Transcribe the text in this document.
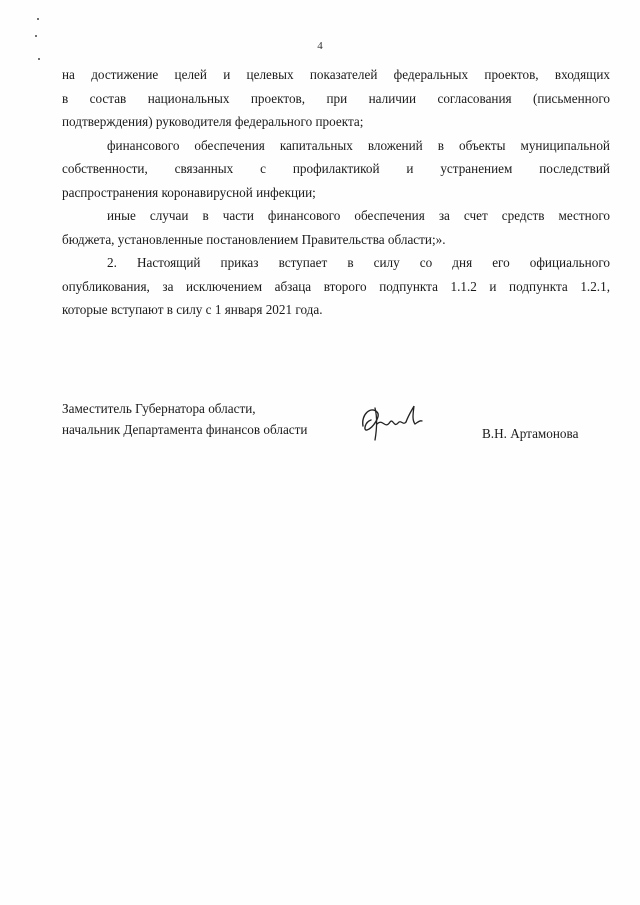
4
на достижение целей и целевых показателей федеральных проектов, входящих
в состав национальных проектов, при наличии согласования (письменного
подтверждения) руководителя федерального проекта;
финансового обеспечения капитальных вложений в объекты муниципальной
собственности, связанных с профилактикой и устранением последствий
распространения коронавирусной инфекции;
иные случаи в части финансового обеспечения за счет средств местного
бюджета, установленные постановлением Правительства области;».
2. Настоящий приказ вступает в силу со дня его официального
опубликования, за исключением абзаца второго подпункта 1.1.2 и подпункта 1.2.1,
которые вступают в силу с 1 января 2021 года.
Заместитель Губернатора области,
начальник Департамента финансов области	В.Н. Артамонова
